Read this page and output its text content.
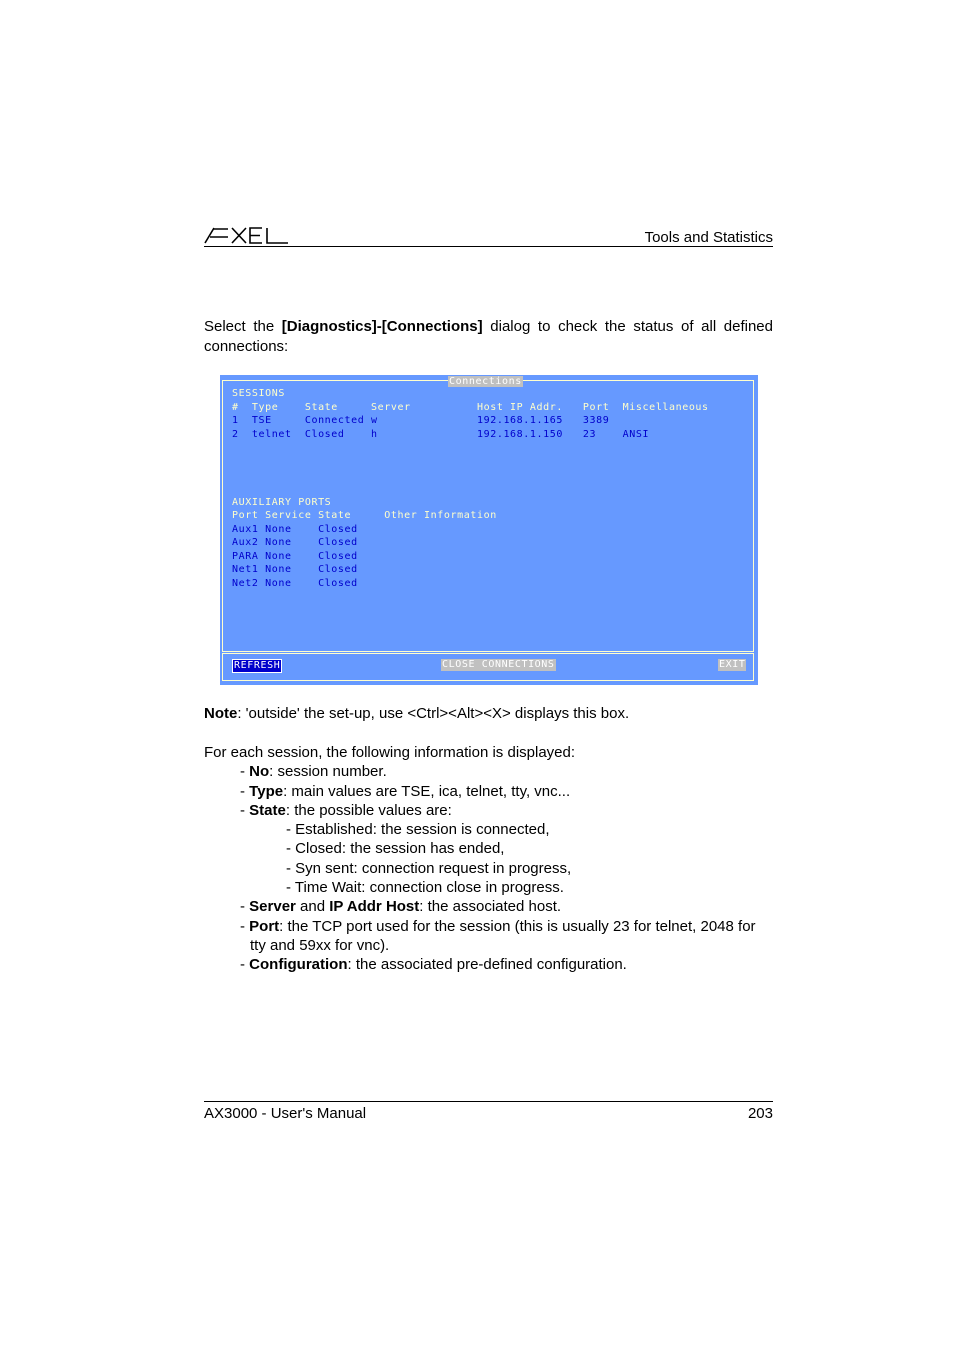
Tools and Statistics
Select the [Diagnostics]-[Connections] dialog to check the status of all defined connections:
Connections
SESSIONS
#  Type    State     Server          Host IP Addr.   Port  Miscellaneous
1  TSE     Connected w               192.168.1.165   3389
2  telnet  Closed    h               192.168.1.150   23    ANSI
AUXILIARY PORTS
Port Service State     Other Information
Aux1 None    Closed
Aux2 None    Closed
PARA None    Closed
Net1 None    Closed
Net2 None    Closed
REFRESH	CLOSE CONNECTIONS	EXIT
Note: 'outside' the set-up, use <Ctrl><Alt><X> displays this box.
For each session, the following information is displayed:
- No: session number.
- Type: main values are TSE, ica, telnet, tty, vnc...
- State: the possible values are:
- Established: the session is connected,
- Closed: the session has ended,
- Syn sent: connection request in progress,
- Time Wait: connection close in progress.
- Server and IP Addr Host: the associated host.
- Port: the TCP port used for the session (this is usually 23 for telnet, 2048 for tty and 59xx for vnc).
- Configuration: the associated pre-defined configuration.
AX3000 - User's Manual	203
